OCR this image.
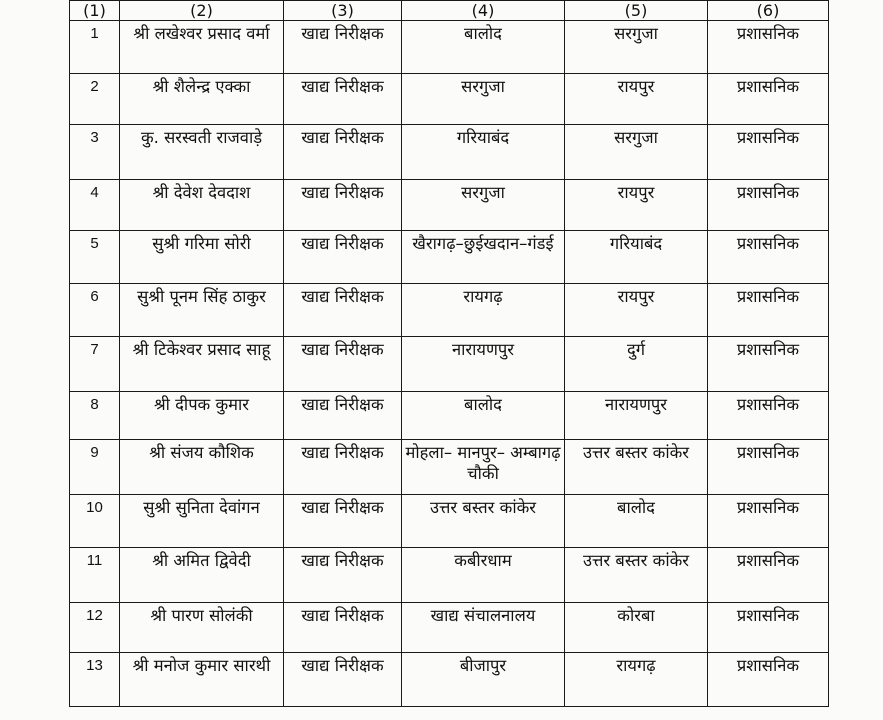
(1)	(2)	(3)	(4)	(5)	(6)
1	श्री लखेश्वर प्रसाद वर्मा	खाद्य निरीक्षक	बालोद	सरगुजा	प्रशासनिक
2	श्री शैलेन्द्र एक्का	खाद्य निरीक्षक	सरगुजा	रायपुर	प्रशासनिक
3	कु. सरस्वती राजवाड़े	खाद्य निरीक्षक	गरियाबंद	सरगुजा	प्रशासनिक
4	श्री देवेश देवदाश	खाद्य निरीक्षक	सरगुजा	रायपुर	प्रशासनिक
5	सुश्री गरिमा सोरी	खाद्य निरीक्षक	खैरागढ़–छुईखदान–गंडई	गरियाबंद	प्रशासनिक
6	सुश्री पूनम सिंह ठाकुर	खाद्य निरीक्षक	रायगढ़	रायपुर	प्रशासनिक
7	श्री टिकेश्वर प्रसाद साहू	खाद्य निरीक्षक	नारायणपुर	दुर्ग	प्रशासनिक
8	श्री दीपक कुमार	खाद्य निरीक्षक	बालोद	नारायणपुर	प्रशासनिक
9	श्री संजय कौशिक	खाद्य निरीक्षक	मोहला– मानपुर– अम्बागढ़ चौकी	उत्तर बस्तर कांकेर	प्रशासनिक
10	सुश्री सुनिता देवांगन	खाद्य निरीक्षक	उत्तर बस्तर कांकेर	बालोद	प्रशासनिक
11	श्री अमित द्विवेदी	खाद्य निरीक्षक	कबीरधाम	उत्तर बस्तर कांकेर	प्रशासनिक
12	श्री पारण सोलंकी	खाद्य निरीक्षक	खाद्य संचालनालय	कोरबा	प्रशासनिक
13	श्री मनोज कुमार सारथी	खाद्य निरीक्षक	बीजापुर	रायगढ़	प्रशासनिक
